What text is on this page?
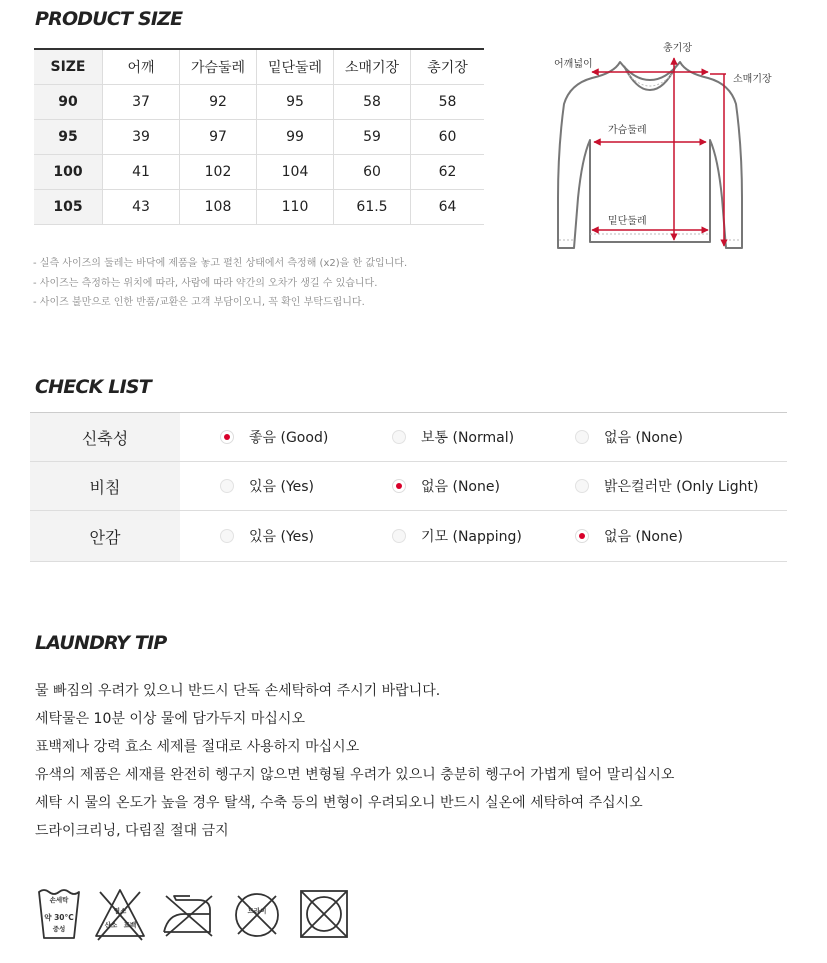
PRODUCT SIZE
SIZE	어깨	가슴둘레	밑단둘레	소매기장	총기장
90	37	92	95	58	58
95	39	97	99	59	60
100	41	102	104	60	62
105	43	108	110	61.5	64
- 실측 사이즈의 둘레는 바닥에 제품을 놓고 펼친 상태에서 측정해 (x2)을 한 값입니다.
- 사이즈는 측정하는 위치에 따라, 사람에 따라 약간의 오차가 생길 수 있습니다.
- 사이즈 불만으로 인한 반품/교환은 고객 부담이오니, 꼭 확인 부탁드립니다.
총기장
어깨넓이
소매기장
가슴둘레
밑단둘레
CHECK LIST
신축성	좋음 (Good)	보통 (Normal)	없음 (None)

비침	있음 (Yes)	없음 (None)	밝은컬러만 (Only Light)

안감	있음 (Yes)	기모 (Napping)	없음 (None)
LAUNDRY TIP
물 빠짐의 우려가 있으니 반드시 단독 손세탁하여 주시기 바랍니다.
세탁물은 10분 이상 물에 담가두지 마십시오
표백제나 강력 효소 세제를 절대로 사용하지 마십시오
유색의 제품은 세재를 완전히 헹구지 않으면 변형될 우려가 있으니 충분히 헹구어 가볍게 털어 말리십시오
세탁 시 물의 온도가 높을 경우 탈색, 수축 등의 변형이 우려되오니 반드시 실온에 세탁하여 주십시오
드라이크리닝, 다림질 절대 금지
손세탁
약 30°C
중성
염소
산소 표백
드라이
